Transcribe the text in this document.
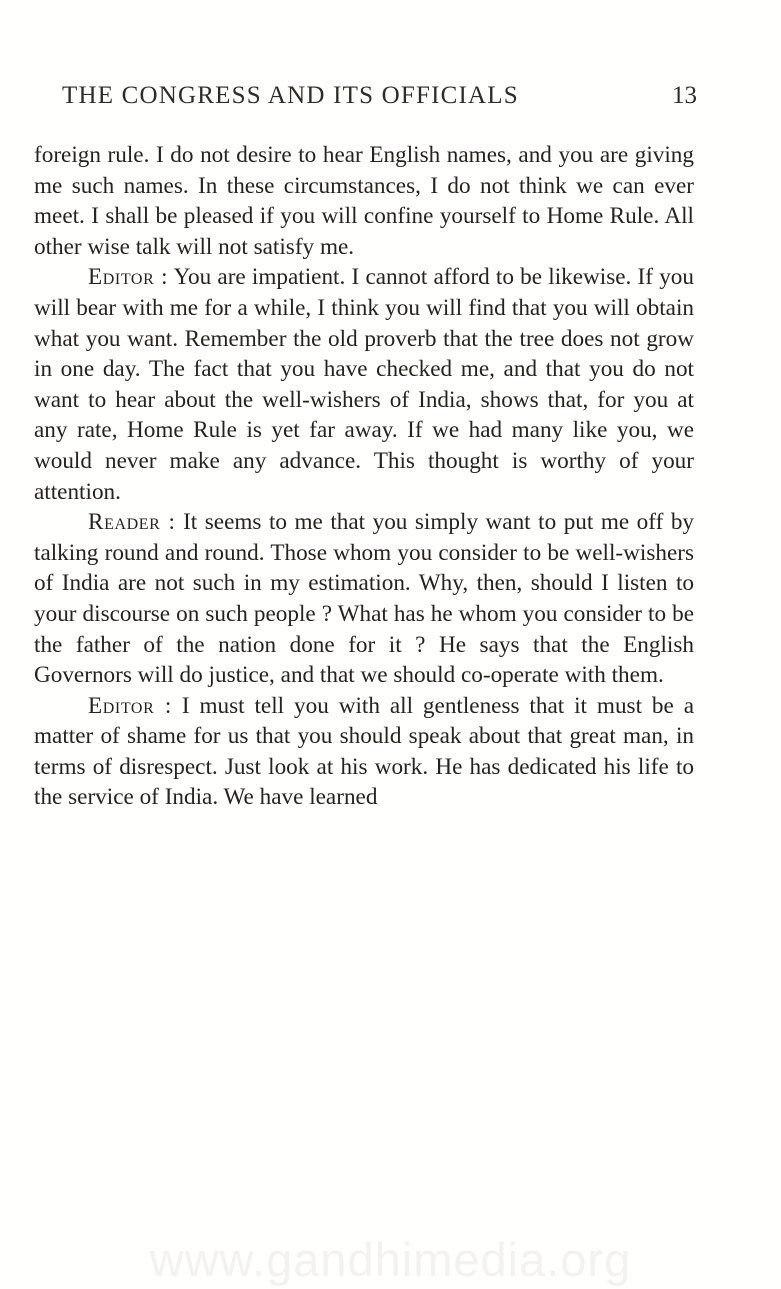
THE CONGRESS AND ITS OFFICIALS	13

foreign rule. I do not desire to hear English names, and you are giving me such names. In these circumstances, I do not think we can ever meet. I shall be pleased if you will confine yourself to Home Rule. All other wise talk will not satisfy me.

Editor : You are impatient. I cannot afford to be likewise. If you will bear with me for a while, I think you will find that you will obtain what you want. Remember the old proverb that the tree does not grow in one day. The fact that you have checked me, and that you do not want to hear about the well-wishers of India, shows that, for you at any rate, Home Rule is yet far away. If we had many like you, we would never make any advance. This thought is worthy of your attention.

Reader : It seems to me that you simply want to put me off by talking round and round. Those whom you consider to be well-wishers of India are not such in my estimation. Why, then, should I listen to your discourse on such people ? What has he whom you consider to be the father of the nation done for it ? He says that the English Governors will do justice, and that we should co-operate with them.

Editor : I must tell you with all gentleness that it must be a matter of shame for us that you should speak about that great man, in terms of disrespect. Just look at his work. He has dedicated his life to the service of India. We have learned

www.gandhimedia.org
